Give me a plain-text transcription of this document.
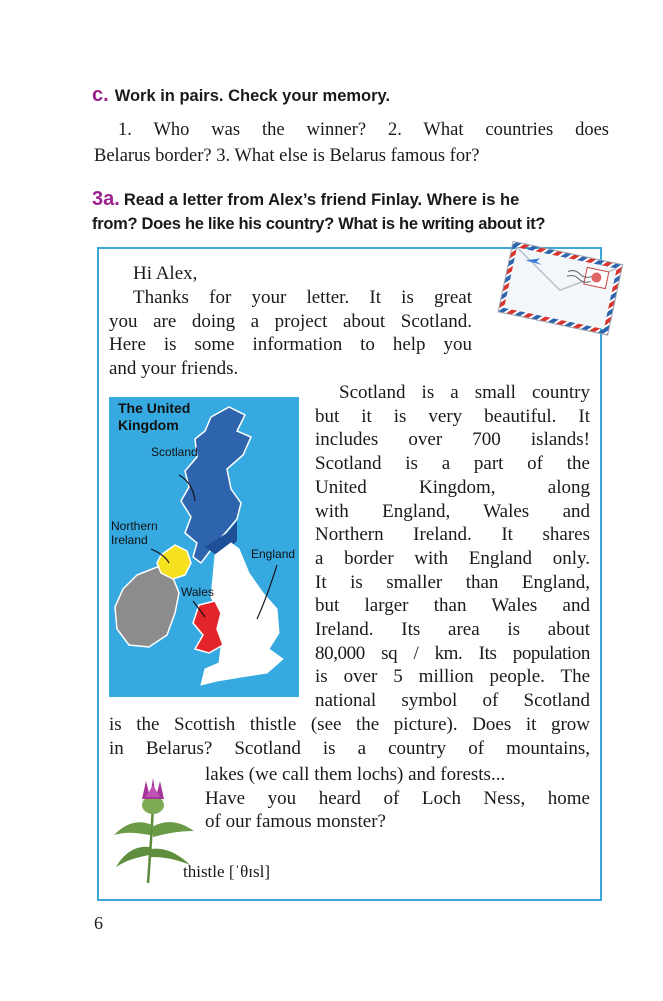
c. Work in pairs. Check your memory.

1. Who was the winner? 2. What countries does

Belarus border? 3. What else is Belarus famous for?

3a. Read a letter from Alex’s friend Finlay. Where is he
from? Does he like his country? What is he writing about it?
Hi Alex,

Thanks for your letter. It is great

you are doing a project about Scotland.

Here is some information to help you

and your friends.

Scotland is a small country

but it is very beautiful. It

includes over 700 islands!

Scotland is a part of the

United Kingdom, along

with England, Wales and

Northern Ireland. It shares

a border with England only.

It is smaller than England,

but larger than Wales and

Ireland. Its area is about

80,000 sq / km. Its population

is over 5 million people. The

national symbol of Scotland

is the Scottish thistle (see the picture). Does it grow

in Belarus? Scotland is a country of mountains,

lakes (we call them lochs) and forests...

Have you heard of Loch Ness, home

of our famous monster?

The United
Kingdom
Scotland
Northern
Ireland
England
Wales
thistle [ˈθɪsl]
6
